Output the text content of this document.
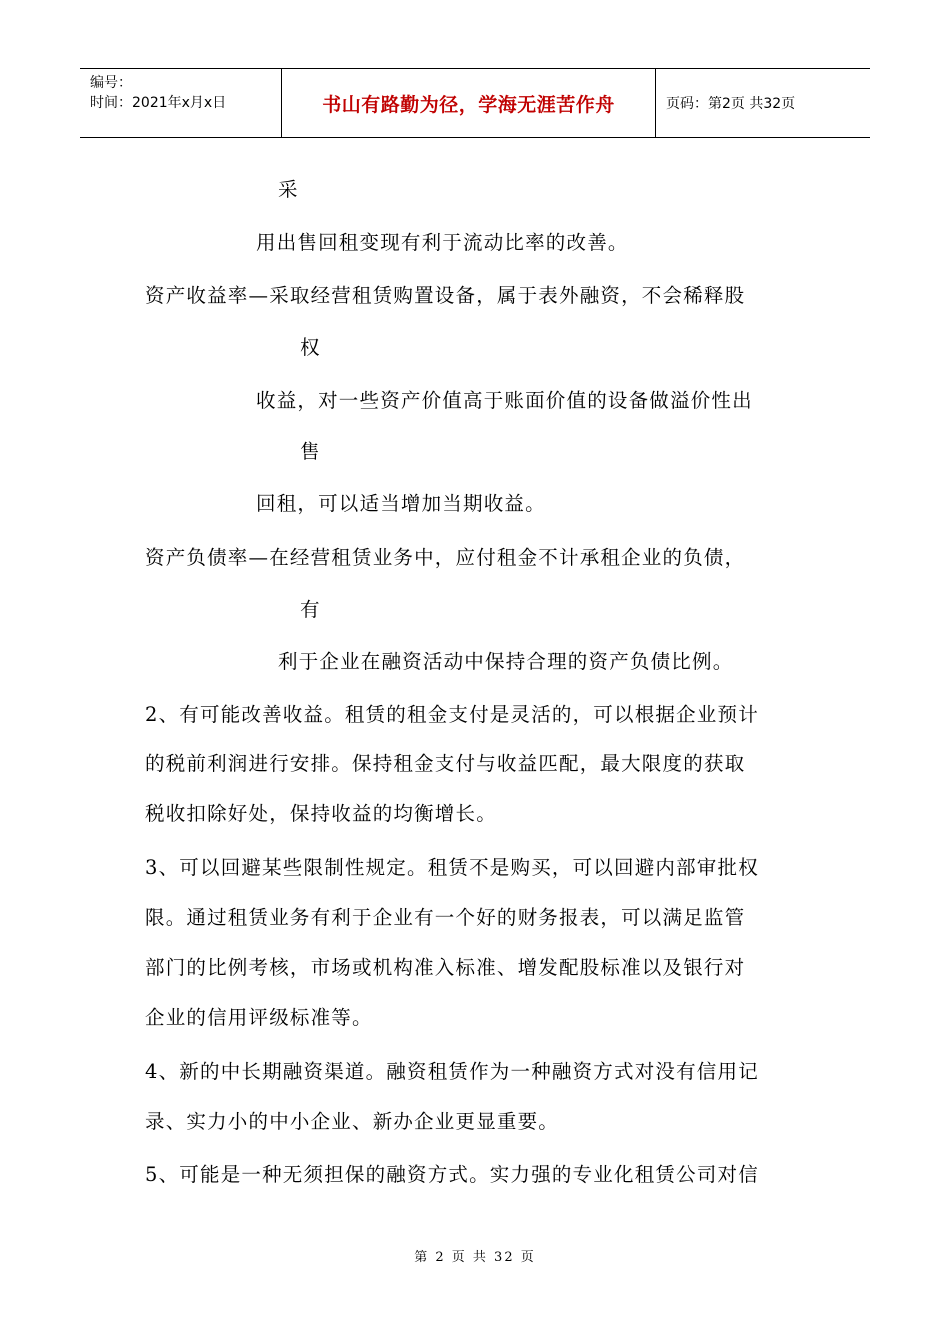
编号：
时间：2021年x月x日	书山有路勤为径，学海无涯苦作舟	页码：第2页 共32页
采
用出售回租变现有利于流动比率的改善。
资产收益率—采取经营租赁购置设备，属于表外融资，不会稀释股
权
收益，对一些资产价值高于账面价值的设备做溢价性出
售
回租，可以适当增加当期收益。
资产负债率—在经营租赁业务中，应付租金不计承租企业的负债，
有
利于企业在融资活动中保持合理的资产负债比例。
2、有可能改善收益。租赁的租金支付是灵活的，可以根据企业预计
的税前利润进行安排。保持租金支付与收益匹配，最大限度的获取
税收扣除好处，保持收益的均衡增长。
3、可以回避某些限制性规定。租赁不是购买，可以回避内部审批权
限。通过租赁业务有利于企业有一个好的财务报表，可以满足监管
部门的比例考核，市场或机构准入标准、增发配股标准以及银行对
企业的信用评级标准等。
4、新的中长期融资渠道。融资租赁作为一种融资方式对没有信用记
录、实力小的中小企业、新办企业更显重要。
5、可能是一种无须担保的融资方式。实力强的专业化租赁公司对信
第 2 页 共 32 页
